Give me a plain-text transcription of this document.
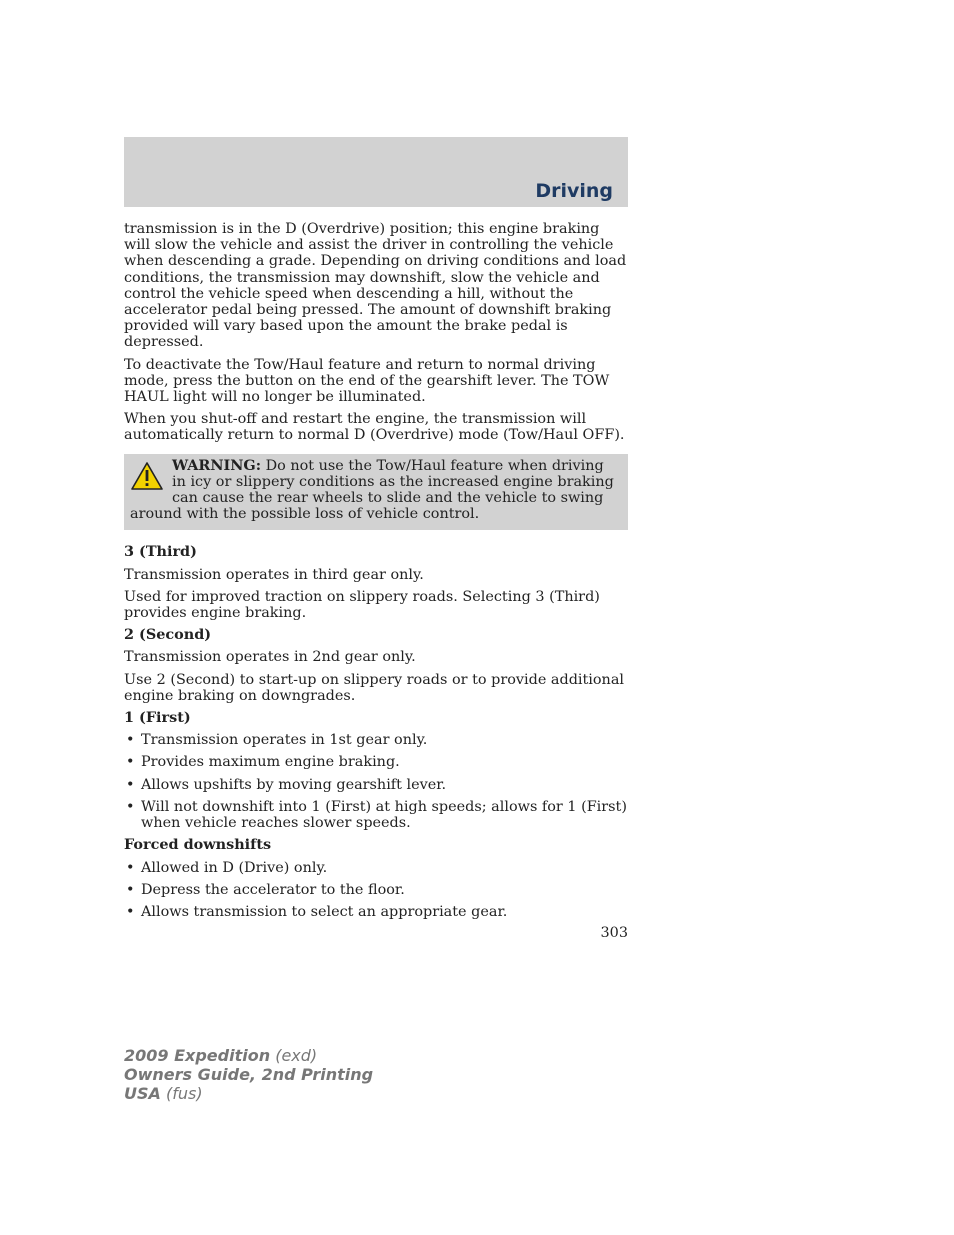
Driving

transmission is in the D (Overdrive) position; this engine braking will slow the vehicle and assist the driver in controlling the vehicle when descending a grade. Depending on driving conditions and load conditions, the transmission may downshift, slow the vehicle and control the vehicle speed when descending a hill, without the accelerator pedal being pressed. The amount of downshift braking provided will vary based upon the amount the brake pedal is depressed.

To deactivate the Tow/Haul feature and return to normal driving mode, press the button on the end of the gearshift lever. The TOW HAUL light will no longer be illuminated.

When you shut-off and restart the engine, the transmission will automatically return to normal D (Overdrive) mode (Tow/Haul OFF).

WARNING: Do not use the Tow/Haul feature when driving in icy or slippery conditions as the increased engine braking can cause the rear wheels to slide and the vehicle to swing around with the possible loss of vehicle control.
3 (Third)

Transmission operates in third gear only.

Used for improved traction on slippery roads. Selecting 3 (Third) provides engine braking.

2 (Second)

Transmission operates in 2nd gear only.

Use 2 (Second) to start-up on slippery roads or to provide additional engine braking on downgrades.

1 (First)
• Transmission operates in 1st gear only.
• Provides maximum engine braking.
• Allows upshifts by moving gearshift lever.
• Will not downshift into 1 (First) at high speeds; allows for 1 (First) when vehicle reaches slower speeds.
Forced downshifts
• Allowed in D (Drive) only.
• Depress the accelerator to the floor.
• Allows transmission to select an appropriate gear.
303
2009 Expedition (exd)
Owners Guide, 2nd Printing
USA (fus)
